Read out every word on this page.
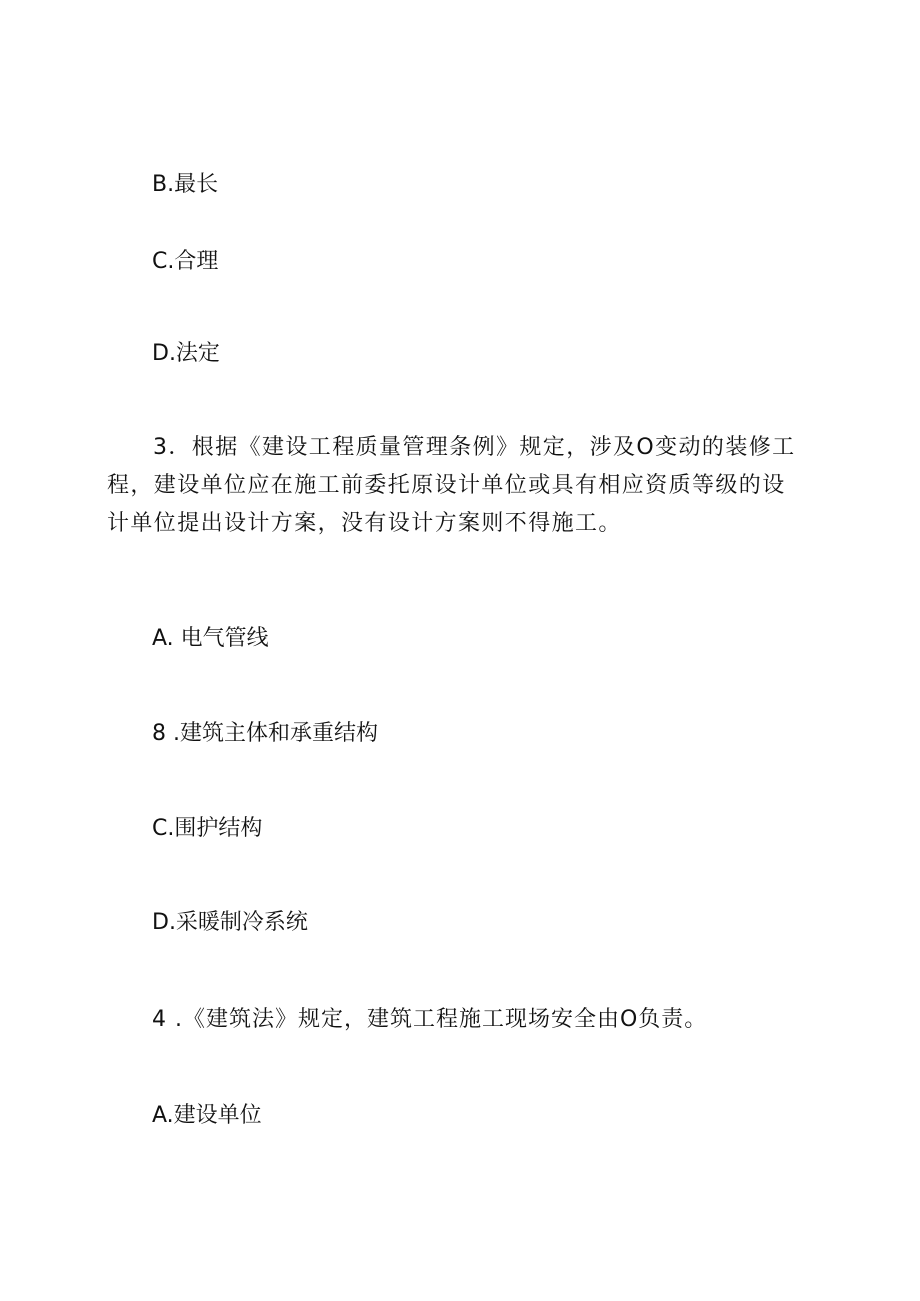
B.最长
C.合理
D.法定
3．根据《建设工程质量管理条例》规定，涉及O变动的装修工程，建设单位应在施工前委托原设计单位或具有相应资质等级的设计单位提出设计方案，没有设计方案则不得施工。
A. 电气管线
8 .建筑主体和承重结构
C.围护结构
D.采暖制冷系统
4 .《建筑法》规定，建筑工程施工现场安全由O负责。
A.建设单位
